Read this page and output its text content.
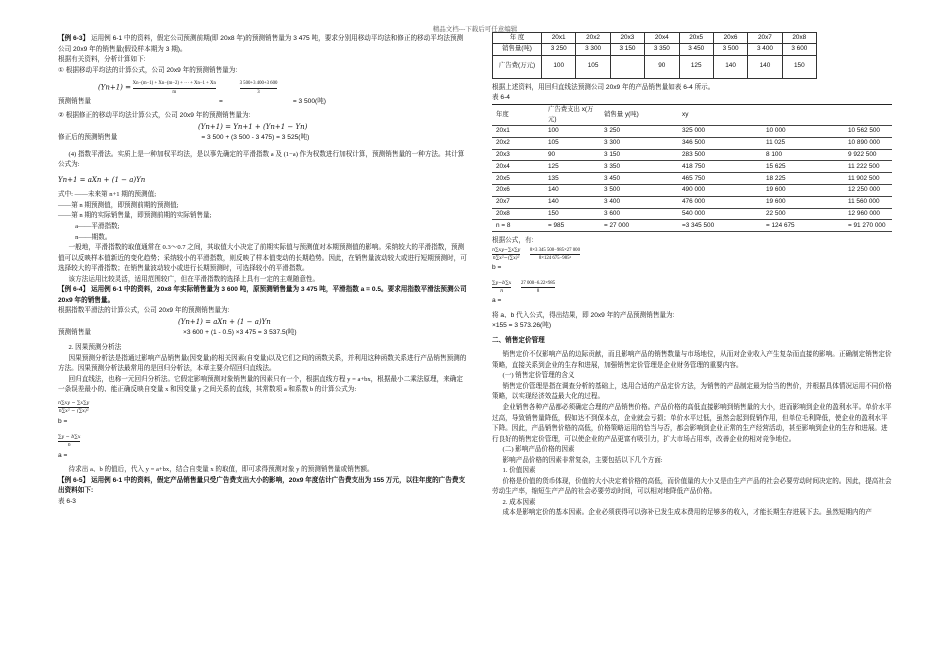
精品文档---下载后可任意编辑

【例 6-3】 运用例 6-1 中的资料，假定公司预测前期(即 20x8 年)的预测销售量为 3 475 吨，要求分别用移动平均法和修正的移动平均法预测公司 20x9 年的销售量(假设样本期为 3 期)。

根据有关资料，分析计算如下:

① 根据移动平均法的计算公式，公司 20x9 年的预测销售量为:

$(Yn+1) = \frac{Xn-(m-1) + Xn-(m-2) + \cdots + Xn-1 + Xn}{m}$
	$\frac{3 500+3 400+3 600}{3}$

预测销售量	=	= 3 500(吨)

② 根据修正的移动平均法计算公式，公司 20x9 年的预测销售量为:

(Yn+1) = Yn+1 + (Yn+1 − Yn)

修正后的预测销售量	= 3 500 + (3 500 - 3 475) = 3 525(吨)

(4) 指数平滑法。实质上是一种加权平均法，是以事先确定的平滑指数 a 及 (1−a) 作为权数进行加权计算，预测销售量的一种方法。其计算公式为:

Yn+1 = aXn + (1 − a)Yn

式中: ——未来第 n+1 期的预测值;

——第 n 期预测值，即预测前期的预测值;

——第 n 期的实际销售量，即预测前期的实际销售量;

a——平滑指数;

n——期数。

一般地，平滑指数的取值通常在 0.3～0.7 之间，其取值大小决定了前期实际值与预测值对本期预测值的影响。采纳较大的平滑指数，预测值可以反映样本值新近的变化趋势；采纳较小的平滑指数，则反映了样本值变动的长期趋势。因此，在销售量波动较大或进行短期预测时，可选择较大的平滑指数；在销售量波动较小或进行长期预测时，可选择较小的平滑指数。

该方法运用比较灵活，适用范围较广，但在平滑指数的选择上具有一定的主观随意性。

【例 6-4】 运用例 6-1 中的资料，20x8 年实际销售量为 3 600 吨，原预测销售量为 3 475 吨，平滑指数 a = 0.5。要求用指数平滑法预测公司 20x9 年的销售量。

根据指数平滑法的计算公式，公司 20x9 年的预测销售量为:

(Yn+1) = aXn + (1 − a)Yn

预测销售量	×3 600 + (1 - 0.5) ×3 475 = 3 537.5(吨)

2. 因果预测分析法

因果预测分析法是指通过影响产品销售量(因变量)的相关因素(自变量)以及它们之间的函数关系，并利用这种函数关系进行产品销售预测的方法。因果预测分析法最常用的是回归分析法，本章主要介绍回归直线法。

回归直线法，也称一元回归分析法。它假定影响预测对象销售量的因素只有一个，根据直线方程 y = a+bx，根据最小二乘法原理，来确定一条误差最小的、能正确反映自变量 x 和因变量 y 之间关系的直线，其常数项 a 和系数 b 的计算公式为:

$\frac{n\sum xy - \sum x\sum y}{\text{n∑x² − (∑x)²}}$

b =

$\frac{\sum y - b\sum x}{n}$

a =

待求出 a、b 的值后，代入 y = a+bx，结合自变量 x 的取值，即可求得预测对象 y 的预测销售量或销售额。

【例 6-5】 运用例 6-1 中的资料，假定产品销售量只受广告费支出大小的影响，20x9 年度估计广告费支出为 155 万元，以往年度的广告费支出资料如下:

表 6-3

年 度	20x1	20x2	20x3	20x4	20x5	20x6	20x7	20x8
销售量(吨)	3 250	3 300	3 150	3 350	3 450	3 500	3 400	3 600
广告费(万元)	100	105		90	125	140	140	150

根据上述资料，用回归直线法预测公司 20x9 年的产品销售量如表 6-4 所示。

表 6-4

年度	广告费支出 x(万元)	销售量 y(吨)	xy		
20x1	100	3 250	325 000	10 000	10 562 500
20x2	105	3 300	346 500	11 025	10 890 000
20x3	90	3 150	283 500	8 100	9 922 500
20x4	125	3 350	418 750	15 625	11 222 500
20x5	135	3 450	465 750	18 225	11 902 500
20x6	140	3 500	490 000	19 600	12 250 000
20x7	140	3 400	476 000	19 600	11 560 000
20x8	150	3 600	540 000	22 500	12 960 000
n = 8	= 985	= 27 000	=3 345 500	= 124 675	= 91 270 000

根据公式，有:

$\frac{n\sum xy-\sum x\sum y}{\text{n∑x²−(∑x)²}}$
$\frac{8\times 3 345 500-985\times 27 000}{\text{8×124 675−985²}}$

b =

$\frac{\sum y-b\sum x}{n}$
$\frac{27 000-6.22\times 985}{8}$

a =

将 a、b 代入公式，得出结果，即 20x9 年的产品预测销售量为:

×155 = 3 573.26(吨)

二、销售定价管理

销售定价不仅影响产品的边际贡献，而且影响产品的销售数量与市场地位，从而对企业收入产生复杂而直接的影响。正确制定销售定价策略，直接关系到企业的生存和进展，加强销售定价管理是企业财务管理的重要内容。

(一) 销售定价管理的含义

销售定价管理是指在调查分析的基础上，选用合适的产品定价方法，为销售的产品制定最为恰当的售价，并根据具体情况运用不同价格策略，以实现经济效益最大化的过程。

企业销售各种产品都必须确定合理的产品销售价格。产品价格的高低直接影响到销售量的大小，进而影响到企业的盈利水平。单价水平过高，导致销售量降低，假如达不到保本点，企业就会亏损；单价水平过低，虽然会起到促销作用，但单位毛利降低，使企业的盈利水平下降。因此，产品销售价格的高低，价格策略运用的恰当与否，都会影响到企业正常的生产经营活动，甚至影响到企业的生存和进展。进行良好的销售定价管理，可以使企业的产品更富有吸引力，扩大市场占用率，改善企业的相对竞争地位。

(二) 影响产品价格的因素

影响产品价格的因素非常复杂，主要包括以下几个方面:

1. 价值因素

价格是价值的货币体现，价值的大小决定着价格的高低，而价值量的大小又是由生产产品的社会必要劳动时间决定的。因此，提高社会劳动生产率，缩短生产产品的社会必要劳动时间，可以相对地降低产品价格。

2. 成本因素

成本是影响定价的基本因素。企业必须获得可以弥补已发生成本费用的足够多的收入，才能长期生存进展下去。虽然短期内的产
